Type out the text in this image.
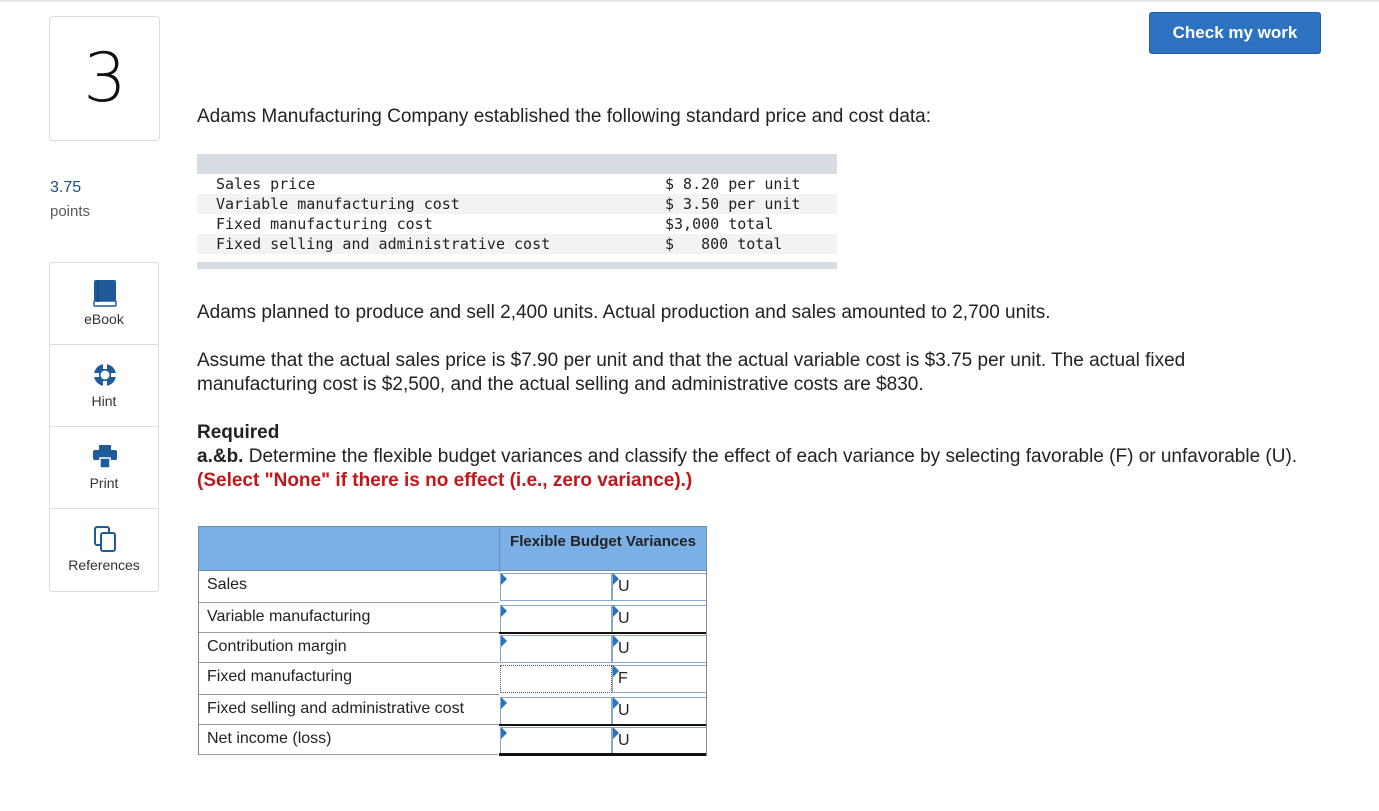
3
3.75
points
eBook
Hint
Print
References
Check my work
Adams Manufacturing Company established the following standard price and cost data:
Sales price	$ 8.20 per unit
Variable manufacturing cost	$ 3.50 per unit
Fixed manufacturing cost	$3,000 total
Fixed selling and administrative cost	$   800 total
Adams planned to produce and sell 2,400 units. Actual production and sales amounted to 2,700 units.
Assume that the actual sales price is $7.90 per unit and that the actual variable cost is $3.75 per unit. The actual fixed manufacturing cost is $2,500, and the actual selling and administrative costs are $830.
Required
a.&b. Determine the flexible budget variances and classify the effect of each variance by selecting favorable (F) or unfavorable (U). (Select "None" if there is no effect (i.e., zero variance).)
Flexible Budget Variances
Sales	U
Variable manufacturing	U
Contribution margin	U
Fixed manufacturing	F
Fixed selling and administrative cost	U
Net income (loss)	U
